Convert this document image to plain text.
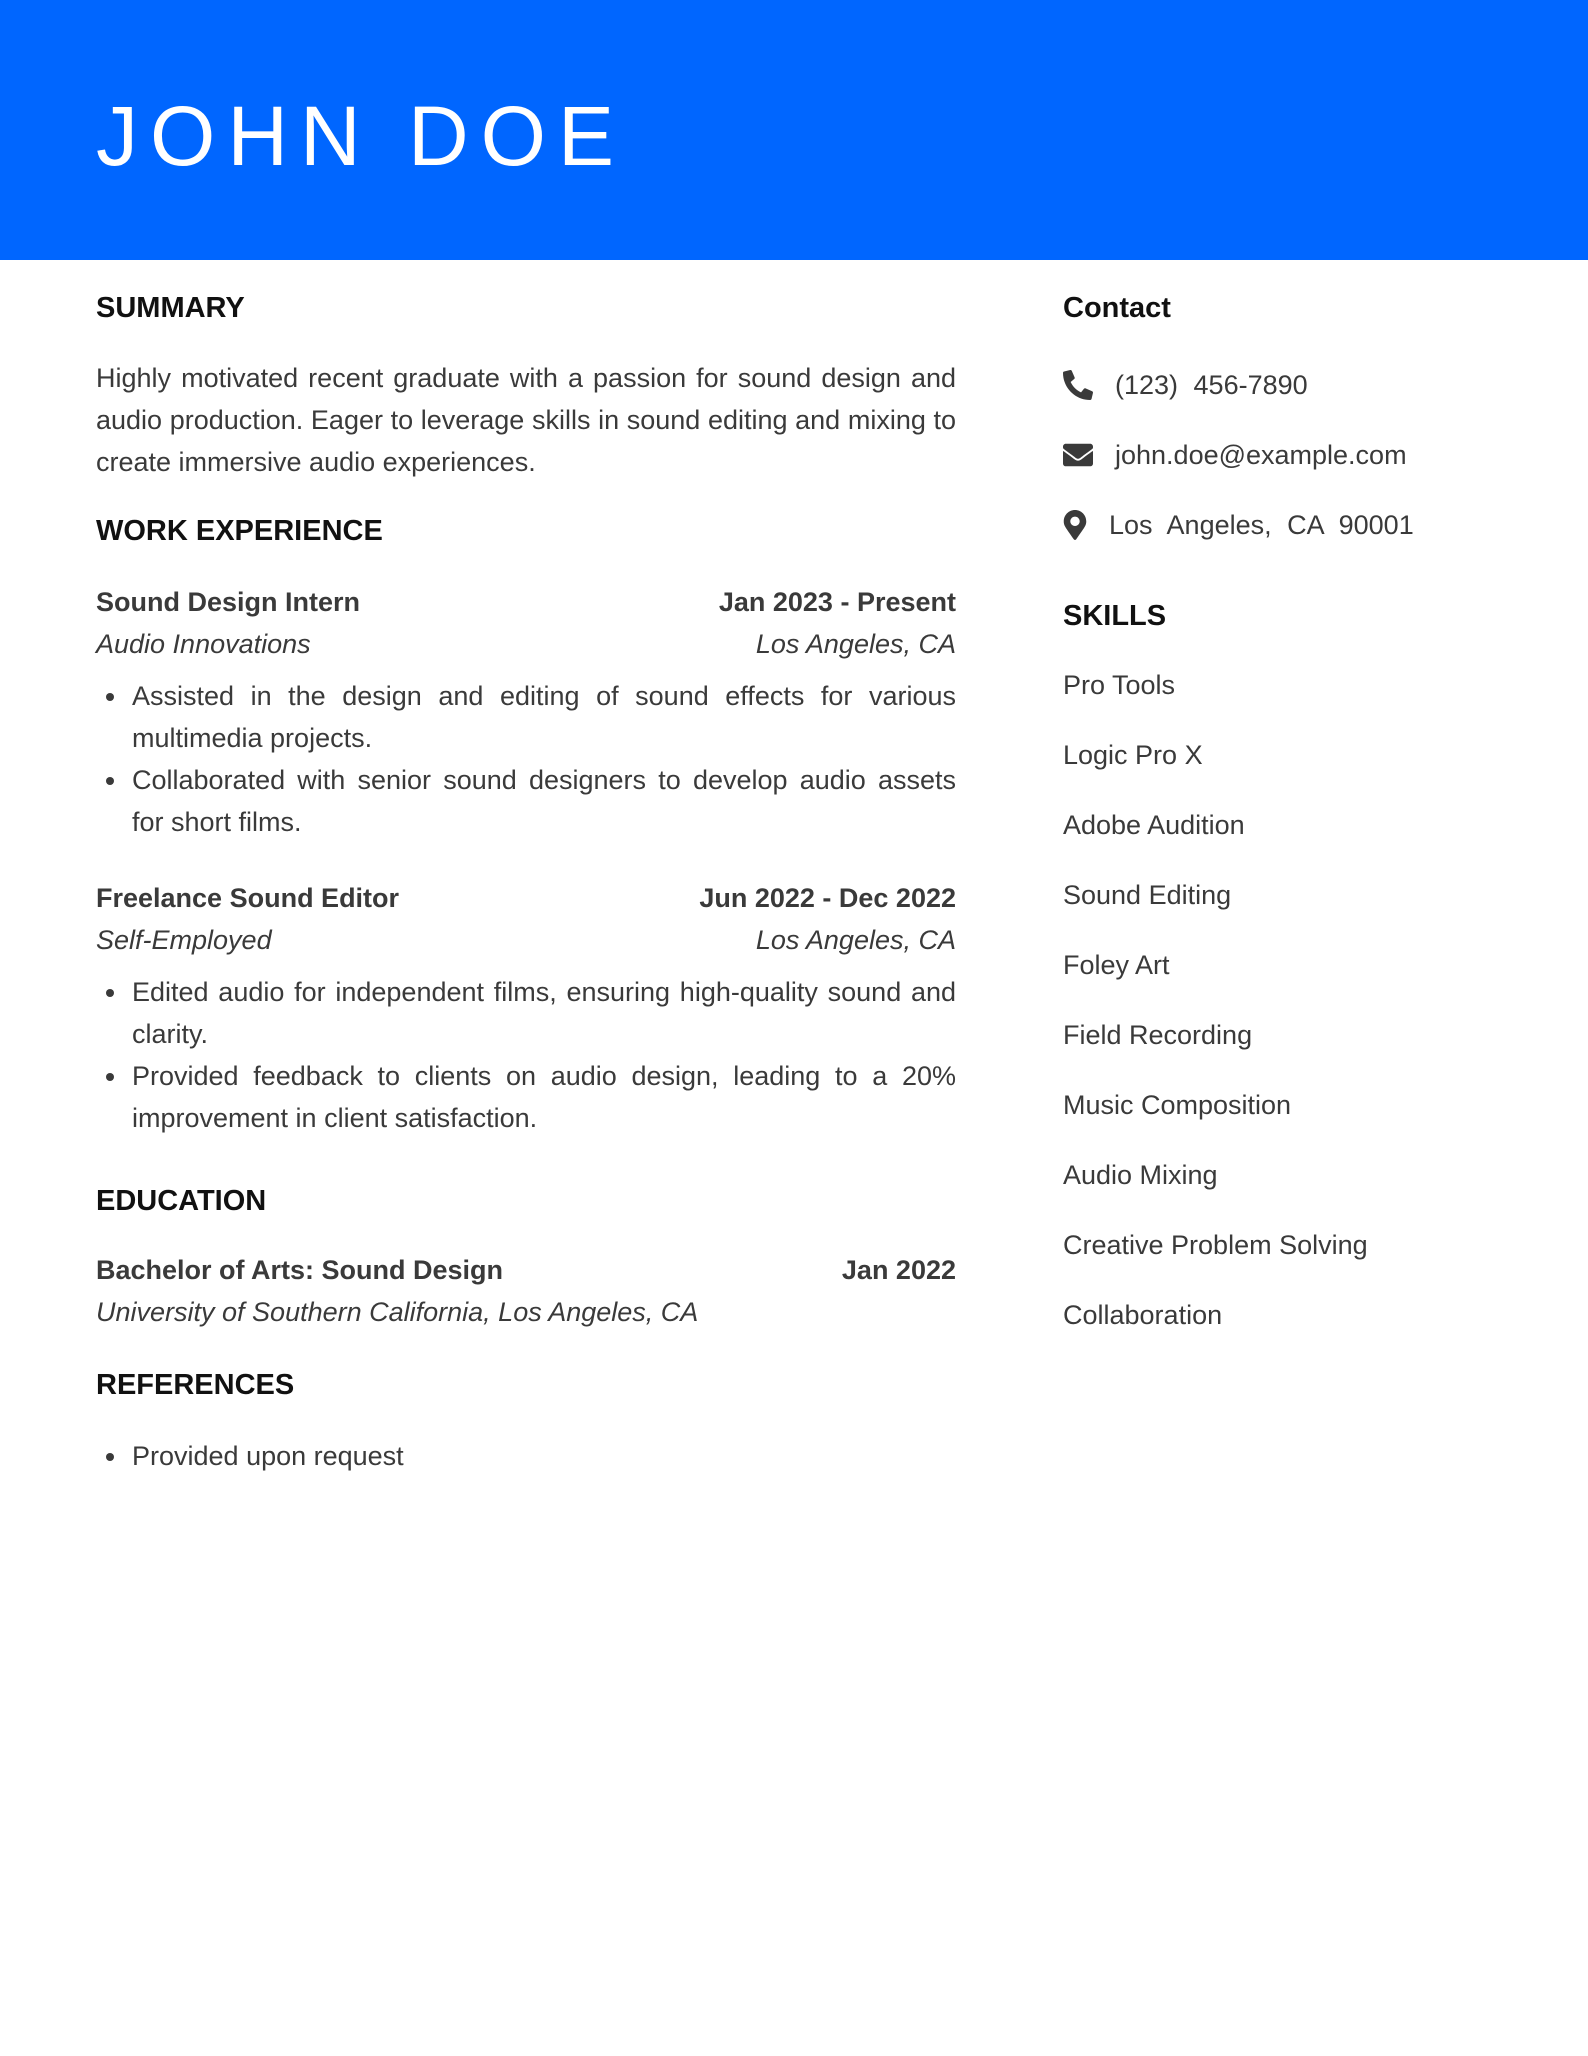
JOHN DOE
SUMMARY
Highly motivated recent graduate with a passion for sound design and audio production. Eager to leverage skills in sound editing and mixing to create immersive audio experiences.
WORK EXPERIENCE
Sound Design Intern	Jan 2023 - Present
Audio Innovations	Los Angeles, CA
Assisted in the design and editing of sound effects for various multimedia projects.
Collaborated with senior sound designers to develop audio assets for short films.
Freelance Sound Editor	Jun 2022 - Dec 2022
Self-Employed	Los Angeles, CA
Edited audio for independent films, ensuring high-quality sound and clarity.
Provided feedback to clients on audio design, leading to a 20% improvement in client satisfaction.
EDUCATION
Bachelor of Arts: Sound Design	Jan 2022
University of Southern California, Los Angeles, CA
REFERENCES
Provided upon request
Contact
(123) 456-7890
john.doe@example.com
Los Angeles, CA 90001
SKILLS
Pro Tools
Logic Pro X
Adobe Audition
Sound Editing
Foley Art
Field Recording
Music Composition
Audio Mixing
Creative Problem Solving
Collaboration
